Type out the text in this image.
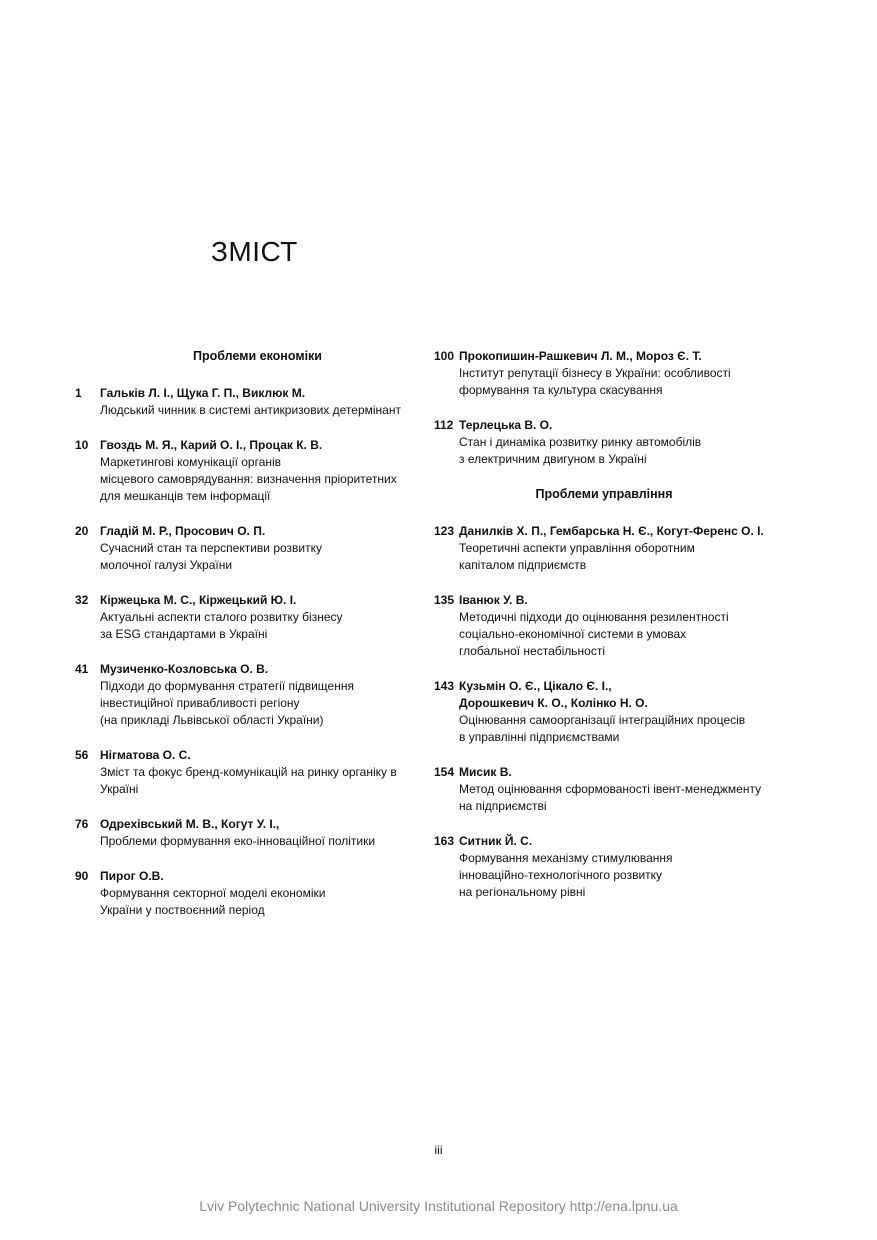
ЗМІСТ
Проблеми економіки
1	Гальків Л. І., Щука Г. П., Виклюк М.
Людський чинник в системі антикризових детермінант
10 Гвоздь М. Я., Карий О. І., Процак К. В.
Маркетингові комунікації органів
місцевого самоврядування: визначення пріоритетних
для мешканців тем інформації
20 Гладій М. Р., Просович О. П.
Сучасний стан та перспективи розвитку
молочної галузі України
32 Кіржецька М. С., Кіржецький Ю. І.
Актуальні аспекти сталого розвитку бізнесу
за ESG стандартами в Україні
41 Музиченко-Козловська О. В.
Підходи до формування стратегії підвищення
інвестиційної привабливості регіону
(на прикладі Львівської області України)
56 Нігматова О. С.
Зміст та фокус бренд-комунікацій на ринку органіку в Україні
76 Одрехівський М. В., Когут У. І.,
Проблеми формування еко-інноваційної політики
90 Пирог О.В.
Формування секторної моделі економіки
України у поствоєнний період
100 Прокопишин-Рашкевич Л. М., Мороз Є. Т.
Інститут репутації бізнесу в України: особливості
формування та культура скасування
112 Терлецька В. О.
Стан і динаміка розвитку ринку автомобілів
з електричним двигуном в Україні
Проблеми управління
123 Данилків Х. П., Гембарська Н. Є., Когут-Ференс О. І.
Теоретичні аспекти управління оборотним
капіталом підприємств
135 Іванюк У. В.
Методичні підходи до оцінювання резилентності
соціально-економічної системи в умовах
глобальної нестабільності
143 Кузьмін О. Є., Цікало Є. І.,
Дорошкевич К. О., Колінко Н. О.
Оцінювання самоорганізації інтеграційних процесів
в управлінні підприємствами
154 Мисик В.
Метод оцінювання сформованості івент-менеджменту
на підприємстві
163 Ситник Й. С.
Формування механізму стимулювання
інноваційно-технологічного розвитку
на регіональному рівні
iii
Lviv Polytechnic National University Institutional Repository http://ena.lpnu.ua
